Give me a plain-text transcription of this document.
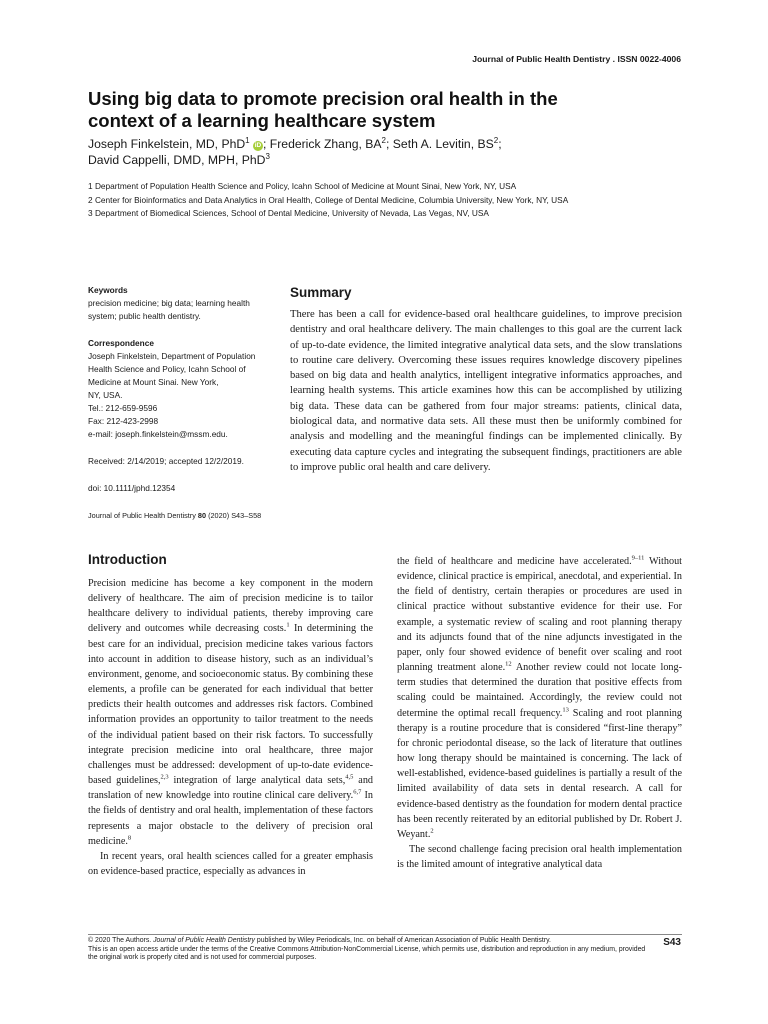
Journal of Public Health Dentistry . ISSN 0022-4006
Using big data to promote precision oral health in the context of a learning healthcare system
Joseph Finkelstein, MD, PhD$^1$ iD ; Frederick Zhang, $BA^2$; Seth A. Levitin, $BS^2$;
David Cappelli, DMD, MPH, PhD$^3$
1 Department of Population Health Science and Policy, Icahn School of Medicine at Mount Sinai, New York, NY, USA
2 Center for Bioinformatics and Data Analytics in Oral Health, College of Dental Medicine, Columbia University, New York, NY, USA
3 Department of Biomedical Sciences, School of Dental Medicine, University of Nevada, Las Vegas, NV, USA
Keywords
precision medicine; big data; learning health system; public health dentistry.
Correspondence
Joseph Finkelstein, Department of Population
Health Science and Policy, Icahn School of
Medicine at Mount Sinai. New York,
NY, USA.
Tel.: 212-659-9596
Fax: 212-423-2998
e-mail: joseph.finkelstein@mssm.edu.
Received: 2/14/2019; accepted 12/2/2019.
doi: 10.1111/jphd.12354
Journal of Public Health Dentistry 80 (2020) S43–S58
Summary

There has been a call for evidence-based oral healthcare guidelines, to improve precision dentistry and oral healthcare delivery. The main challenges to this goal are the current lack of up-to-date evidence, the limited integrative analytical data sets, and the slow translations to routine care delivery. Overcoming these issues requires knowledge discovery pipelines based on big data and health analytics, intelligent integrative informatics approaches, and learning health systems. This article examines how this can be accomplished by utilizing big data. These data can be gathered from four major streams: patients, clinical data, biological data, and normative data sets. All these must then be uniformly combined for analysis and modelling and the meaningful findings can be implemented clinically. By executing data capture cycles and integrating the subsequent findings, practitioners are able to improve public oral health and care delivery.

Introduction

Precision medicine has become a key component in the modern delivery of healthcare. The aim of precision medicine is to tailor healthcare delivery to individual patients, thereby improving care delivery and outcomes while decreasing costs.$^1$ In determining the best care for an individual, precision medicine takes various factors into account in addition to disease history, such as an individual’s environment, genome, and socioeconomic status. By combining these elements, a profile can be generated for each individual that better predicts their health outcomes and addresses risk factors. Combined information provides an opportunity to tailor treatment to the needs of the individual patient based on their risk factors. To successfully integrate precision medicine into oral healthcare, three major challenges must be addressed: development of up-to-date evidence-based guidelines,$^{2,3}$ integration of large analytical data sets,$^{4,5}$ and translation of new knowledge into routine clinical care delivery.$^{6,7}$ In the fields of dentistry and oral health, implementation of these factors represents a major obstacle to the delivery of precision oral medicine.$^8$

In recent years, oral health sciences called for a greater emphasis on evidence-based practice, especially as advances in

the field of healthcare and medicine have accelerated.$^{9-11}$ Without evidence, clinical practice is empirical, anecdotal, and experiential. In the field of dentistry, certain therapies or procedures are used in clinical practice without substantive evidence for their use. For example, a systematic review of scaling and root planning therapy and its adjuncts found that of the nine adjuncts investigated in the paper, only four showed evidence of benefit over scaling and root planning treatment alone.$^{12}$ Another review could not locate long-term studies that determined the duration that positive effects from scaling could be maintained. Accordingly, the review could not determine the optimal recall frequency.$^{13}$ Scaling and root planning therapy is a routine procedure that is considered “first-line therapy” for chronic periodontal disease, so the lack of literature that outlines how long therapy should be maintained is concerning. The lack of well-established, evidence-based guidelines is partially a result of the limited availability of data sets in dental research. A call for evidence-based dentistry as the foundation for modern dental practice has been recently reiterated by an editorial published by Dr. Robert J. Weyant.$^2$

The second challenge facing precision oral health implementation is the limited amount of integrative analytical data

© 2020 The Authors. Journal of Public Health Dentistry published by Wiley Periodicals, Inc. on behalf of American Association of Public Health Dentistry.
This is an open access article under the terms of the Creative Commons Attribution-NonCommercial License, which permits use, distribution and reproduction in any medium, provided the original work is properly cited and is not used for commercial purposes.
S43
